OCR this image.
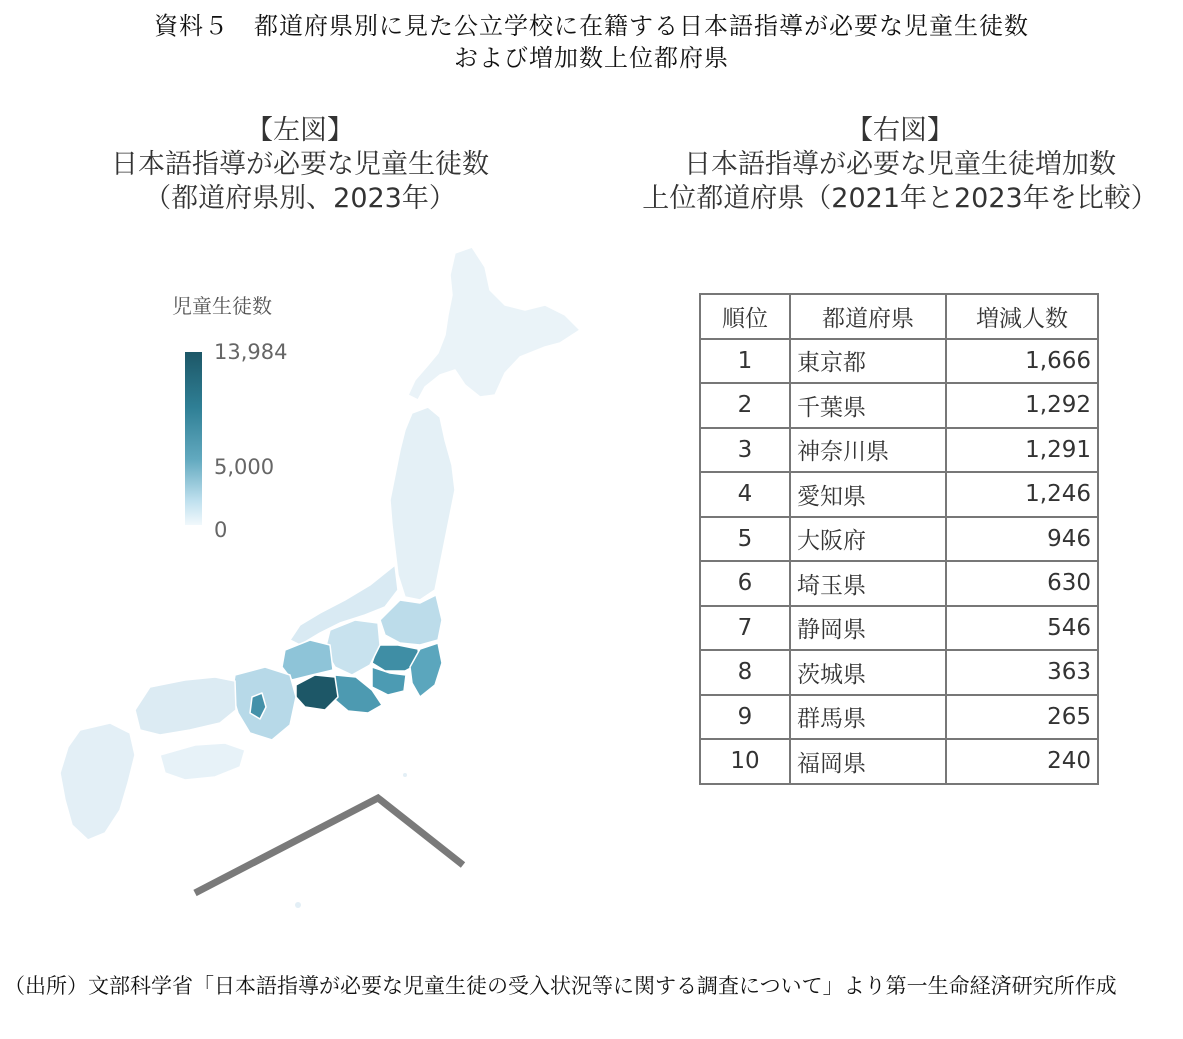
資料５　都道府県別に見た公立学校に在籍する日本語指導が必要な児童生徒数
および増加数上位都府県
【左図】
日本語指導が必要な児童生徒数
（都道府県別、2023年）
【右図】
日本語指導が必要な児童生徒増加数
上位都道府県（2021年と2023年を比較）
児童生徒数
13,984
5,000
0
順位	都道府県	増減人数
1	東京都	1,666
2	千葉県	1,292
3	神奈川県	1,291
4	愛知県	1,246
5	大阪府	946
6	埼玉県	630
7	静岡県	546
8	茨城県	363
9	群馬県	265
10	福岡県	240
（出所）文部科学省「日本語指導が必要な児童生徒の受入状況等に関する調査について」より第一生命経済研究所作成
